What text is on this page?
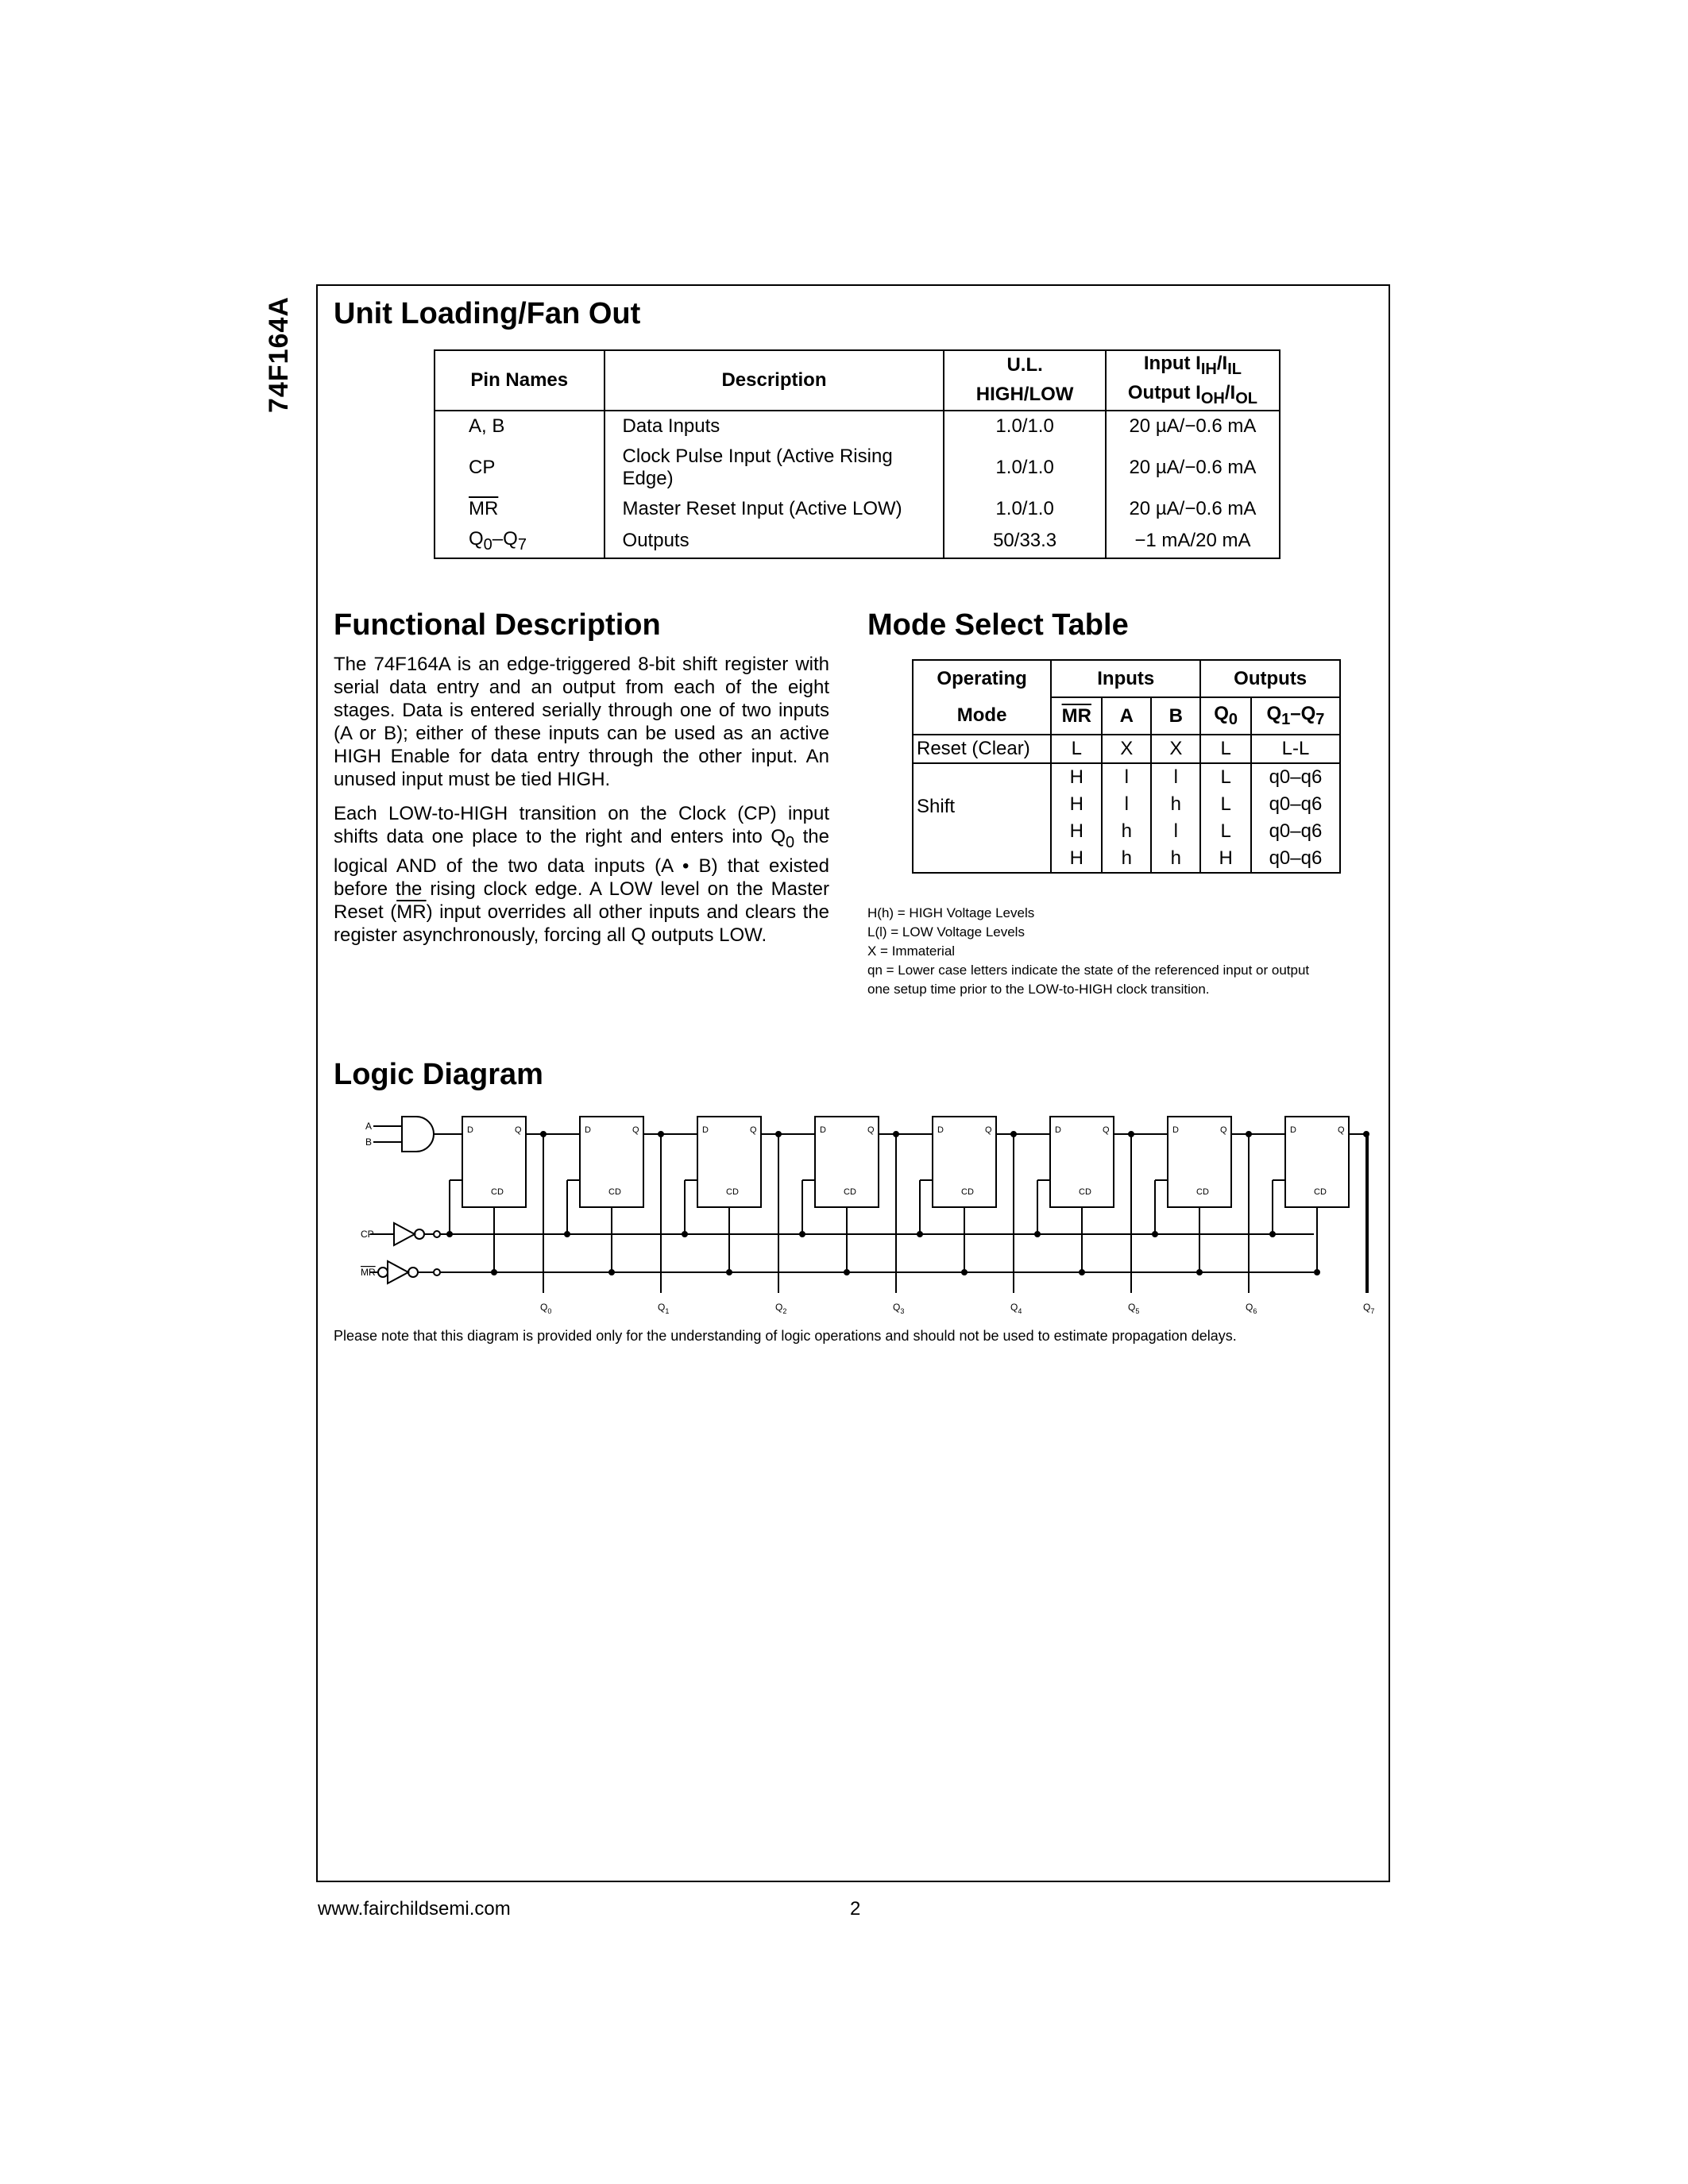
74F164A	Unit Loading/Fan Out
Pin Names	Description	U.L.	Input $I_{IH}/I_{IL}$
		HIGH/LOW	Output $I_{OH}/I_{OL}$
A, B	Data Inputs	1.0/1.0	20 µA/−0.6 mA
CP	Clock Pulse Input (Active Rising Edge)	1.0/1.0	20 µA/−0.6 mA
$\overline{MR}$	Master Reset Input (Active LOW)	1.0/1.0	20 µA/−0.6 mA
$Q_0-Q_7$	Outputs	50/33.3	−1 mA/20 mA
Functional Description
The 74F164A is an edge-triggered 8-bit shift register with serial data entry and an output from each of the eight stages. Data is entered serially through one of two inputs (A or B); either of these inputs can be used as an active HIGH Enable for data entry through the other input. An unused input must be tied HIGH.
Each LOW-to-HIGH transition on the Clock (CP) input shifts data one place to the right and enters into $Q_0$ the logical AND of the two data inputs (A • B) that existed before the rising clock edge. A LOW level on the Master Reset $(\overline{MR})$ input overrides all other inputs and clears the register asynchronously, forcing all Q outputs LOW.
Mode Select Table
Operating	Inputs			Outputs	
Mode	$\overline{MR}$	A	B	$Q_0$	$Q_1-Q_7$
Reset (Clear)	L	X	X	L	L-L
Shift	H	l	l	L	q0–q6
	H	l	h	L	q0–q6
	H	h	l	L	q0–q6
	H	h	h	H	q0–q6
H(h) = HIGH Voltage Levels
L(l) = LOW Voltage Levels
X = Immaterial
qn = Lower case letters indicate the state of the referenced input or output
one setup time prior to the LOW-to-HIGH clock transition.
Logic Diagram
A
B
CP
MR
D	Q
CD
$Q_0$
D	Q
CD
$Q_1$
D	Q
CD
$Q_2$
D	Q
CD
$Q_3$
D	Q
CD
$Q_4$
D	Q
CD
$Q_5$
D	Q
CD
$Q_6$
D	Q
CD
$Q_7$
Please note that this diagram is provided only for the understanding of logic operations and should not be used to estimate propagation delays.
www.fairchildsemi.com	2
